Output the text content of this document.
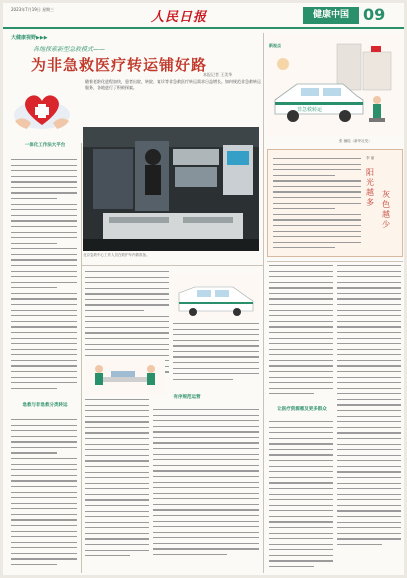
2023年7月19日 星期三
人民日报	健康中国 09
大健康视野▶▶▶
各地探索新型急救模式——
为非急救医疗转运铺好路
本报记者 王美华
随着老龄化进程加快，患者出院、转院、复诊等非急救医疗转运需求日益增长。如何规范非急救转运服务，各地进行了积极探索。
北京急救中心工作人员在救护车内做准备。
非急救转运
张 骊绘（新华社发）
阳光越多
灰色越少
李 丽
新视点
一体化工作法大平台
急救与非急救分类转运
有序规范运营
让医疗资源惠及更多群众
